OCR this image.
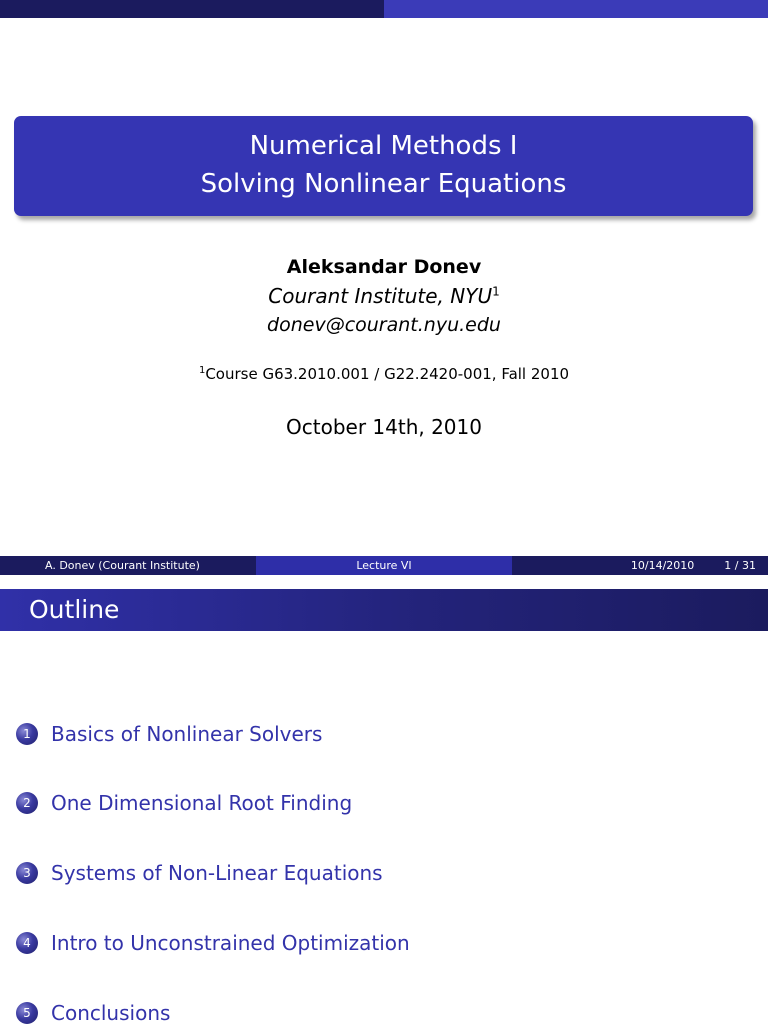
Numerical Methods I
Solving Nonlinear Equations
Aleksandar Donev
Courant Institute, NYU$^1$
donev@courant.nyu.edu
$^1$Course G63.2010.001 / G22.2420-001, Fall 2010
October 14th, 2010
A. Donev (Courant Institute)	Lecture VI	10/14/2010	1 / 31
Outline
1	Basics of Nonlinear Solvers
2	One Dimensional Root Finding
3	Systems of Non-Linear Equations
4	Intro to Unconstrained Optimization
5	Conclusions
